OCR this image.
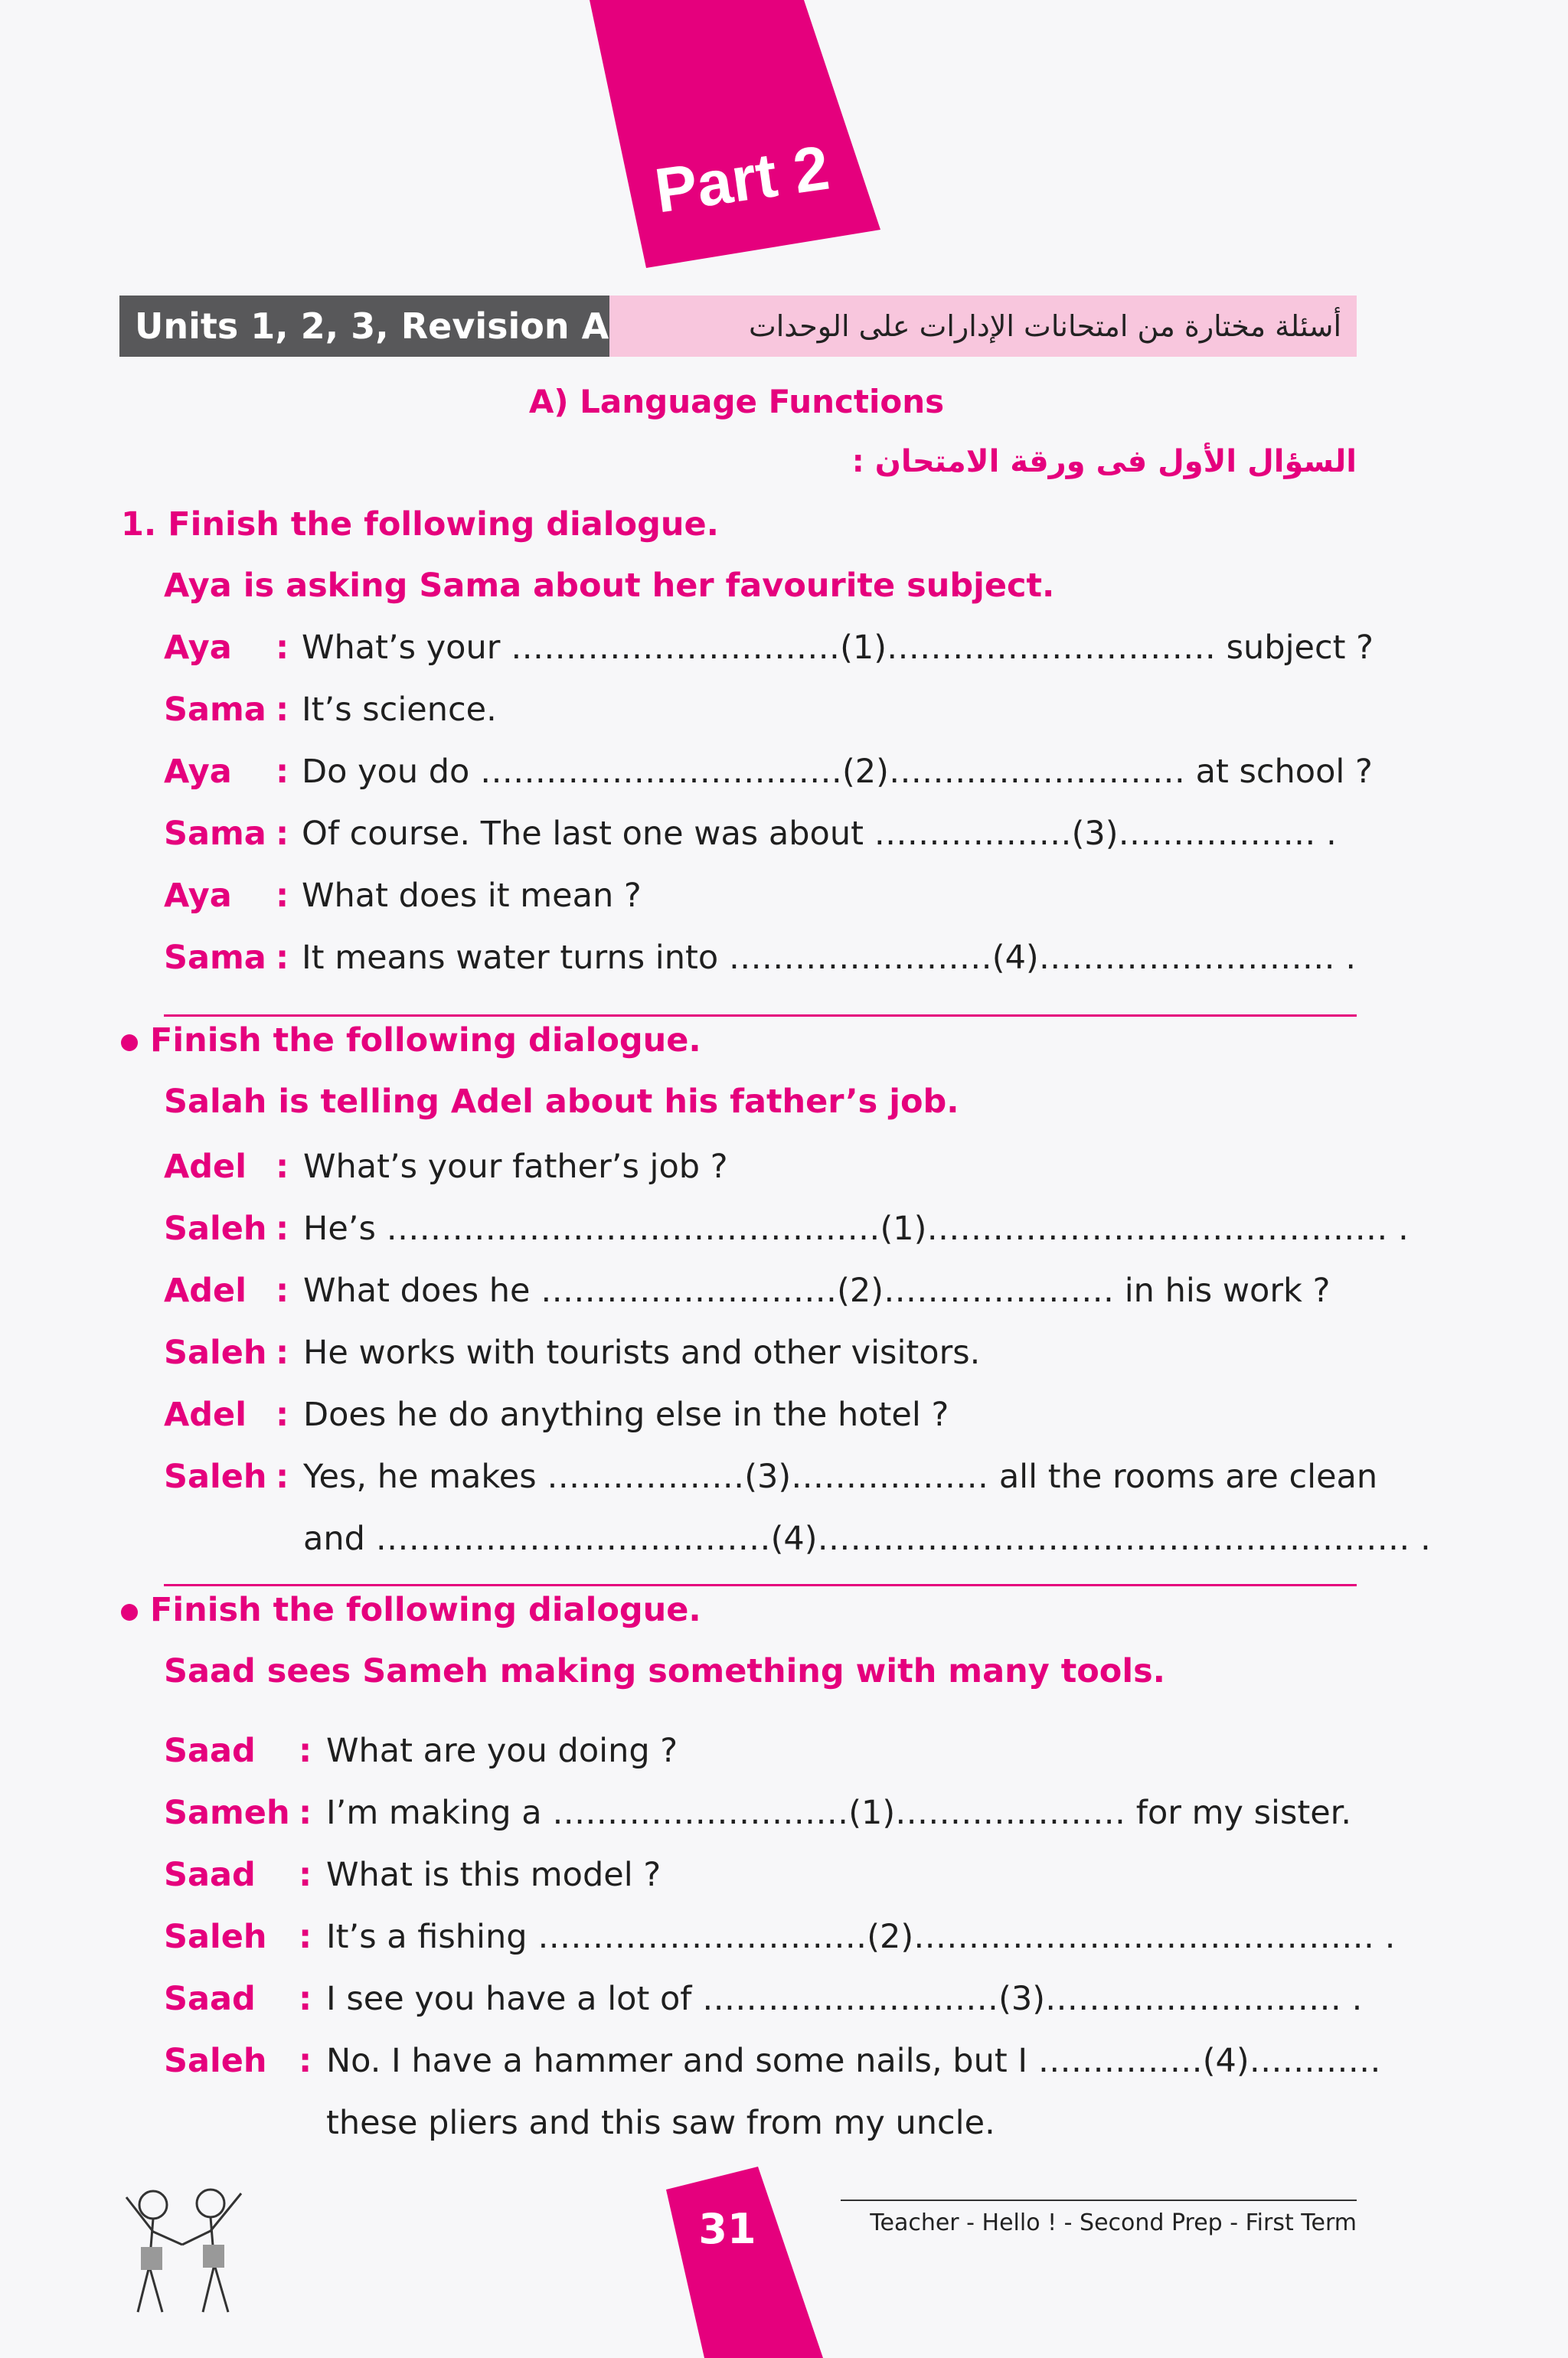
Part 2
Units 1, 2, 3, Revision A	أسئلة مختارة من امتحانات الإدارات على الوحدات
A) Language Functions
السؤال الأول فى ورقة الامتحان :
1. Finish the following dialogue.
Aya is asking Sama about her favourite subject.
Aya : What’s your …………………………(1)………………………… subject ?
Sama : It’s science.
Aya : Do you do ……………………………(2)……………………… at school ?
Sama : Of course. The last one was about ………………(3)……………… .
Aya : What does it mean ?
Sama : It means water turns into ……………………(4)……………………… .
Finish the following dialogue.
Salah is telling Adel about his father’s job.
Adel : What’s your father’s job ?
Saleh : He’s ………………………………………(1)…………………………………… .
Adel : What does he ………………………(2)………………… in his work ?
Saleh : He works with tourists and other visitors.
Adel : Does he do anything else in the hotel ?
Saleh : Yes, he makes ………………(3)……………… all the rooms are clean
and ………………………………(4)……………………………………………… .
Finish the following dialogue.
Saad sees Sameh making something with many tools.
Saad : What are you doing ?
Sameh : I’m making a ………………………(1)………………… for my sister.
Saad : What is this model ?
Saleh : It’s a fishing …………………………(2)…………………………………… .
Saad : I see you have a lot of ………………………(3)……………………… .
Saleh : No. I have a hammer and some nails, but I ……………(4)…………
these pliers and this saw from my uncle.
31	Teacher - Hello ! - Second Prep - First Term
